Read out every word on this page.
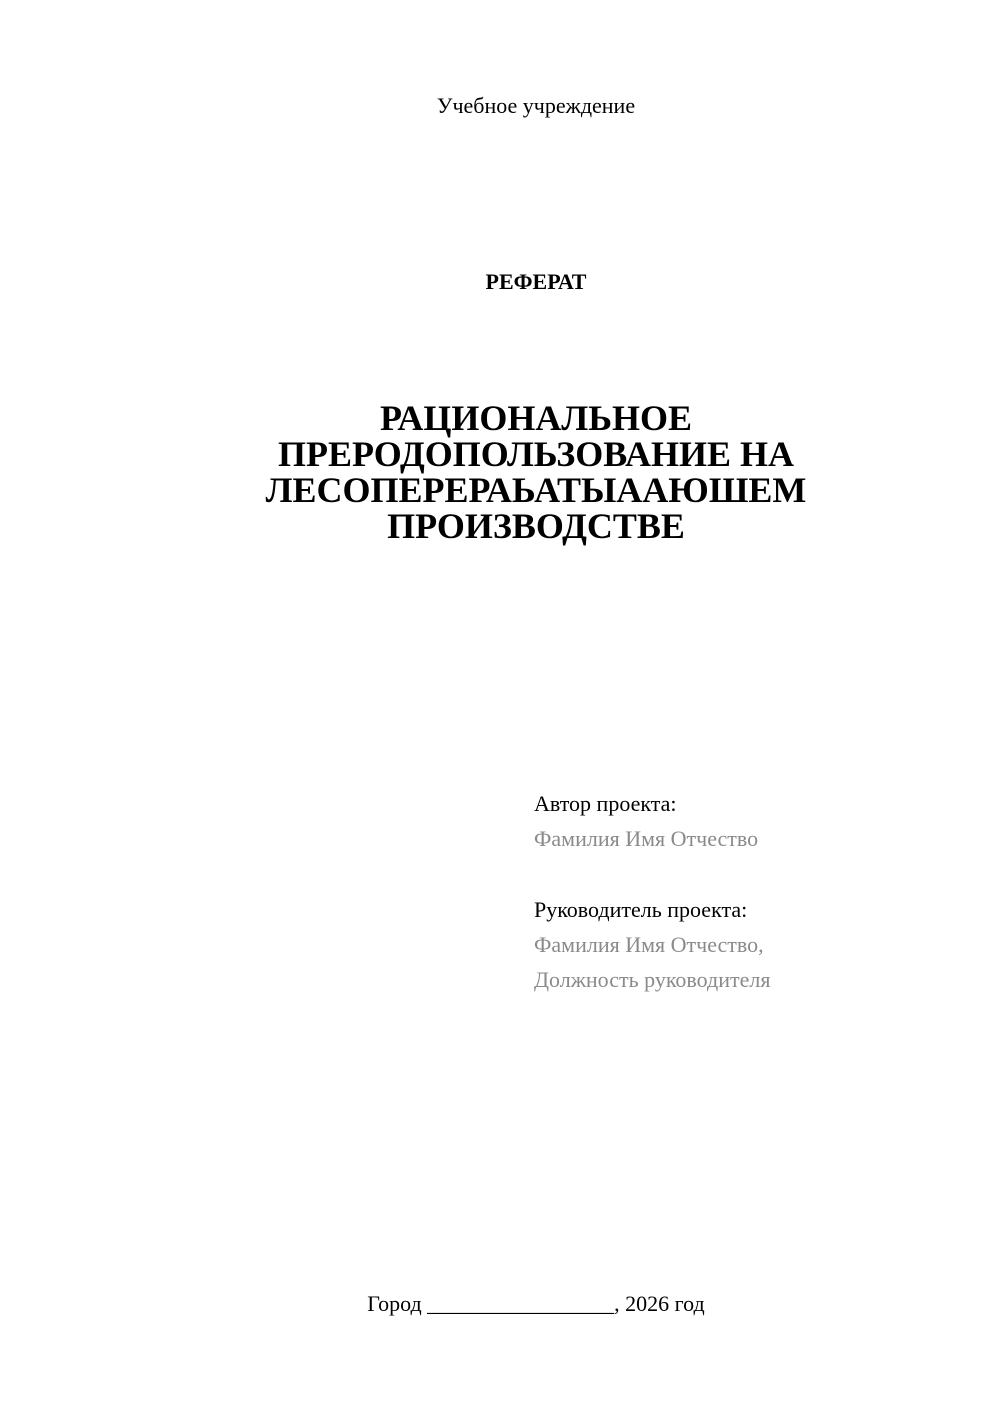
Учебное учреждение
РЕФЕРАТ
РАЦИОНАЛЬНОЕ
ПРЕРОДОПОЛЬЗОВАНИЕ НА
ЛЕСОПЕРЕРАЬАТЫААЮШЕМ
ПРОИЗВОДСТВЕ
Автор проекта:
Фамилия Имя Отчество
Руководитель проекта:
Фамилия Имя Отчество,
Должность руководителя
Город _________________, 2026 год
